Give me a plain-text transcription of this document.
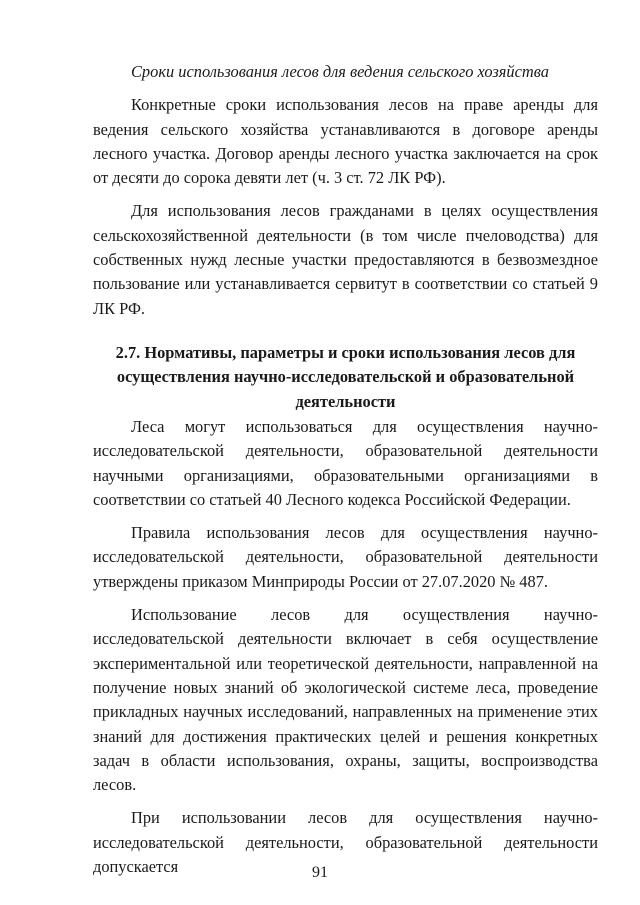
Сроки использования лесов для ведения сельского хозяйства

Конкретные сроки использования лесов на праве аренды для ведения сельского хозяйства устанавливаются в договоре аренды лесного участка. Договор аренды лесного участка заключается на срок от десяти до сорока девяти лет (ч. 3 ст. 72 ЛК РФ).

Для использования лесов гражданами в целях осуществления сельскохозяйственной деятельности (в том числе пчеловодства) для собственных нужд лесные участки предоставляются в безвозмездное пользование или устанавливается сервитут в соответствии со статьей 9 ЛК РФ.

2.7. Нормативы, параметры и сроки использования лесов для
осуществления научно-исследовательской и образовательной
деятельности

Леса могут использоваться для осуществления научно-исследовательской деятельности, образовательной деятельности научными организациями, образовательными организациями в соответствии со статьей 40 Лесного кодекса Российской Федерации.

Правила использования лесов для осуществления научно-исследовательской деятельности, образовательной деятельности утверждены приказом Минприроды России от 27.07.2020 № 487.

Использование лесов для осуществления научно-исследовательской деятельности включает в себя осуществление экспериментальной или теоретической деятельности, направленной на получение новых знаний об экологической системе леса, проведение прикладных научных исследований, направленных на применение этих знаний для достижения практических целей и решения конкретных задач в области использования, охраны, защиты, воспроизводства лесов.

При использовании лесов для осуществления научно-исследовательской деятельности, образовательной деятельности допускается	91
